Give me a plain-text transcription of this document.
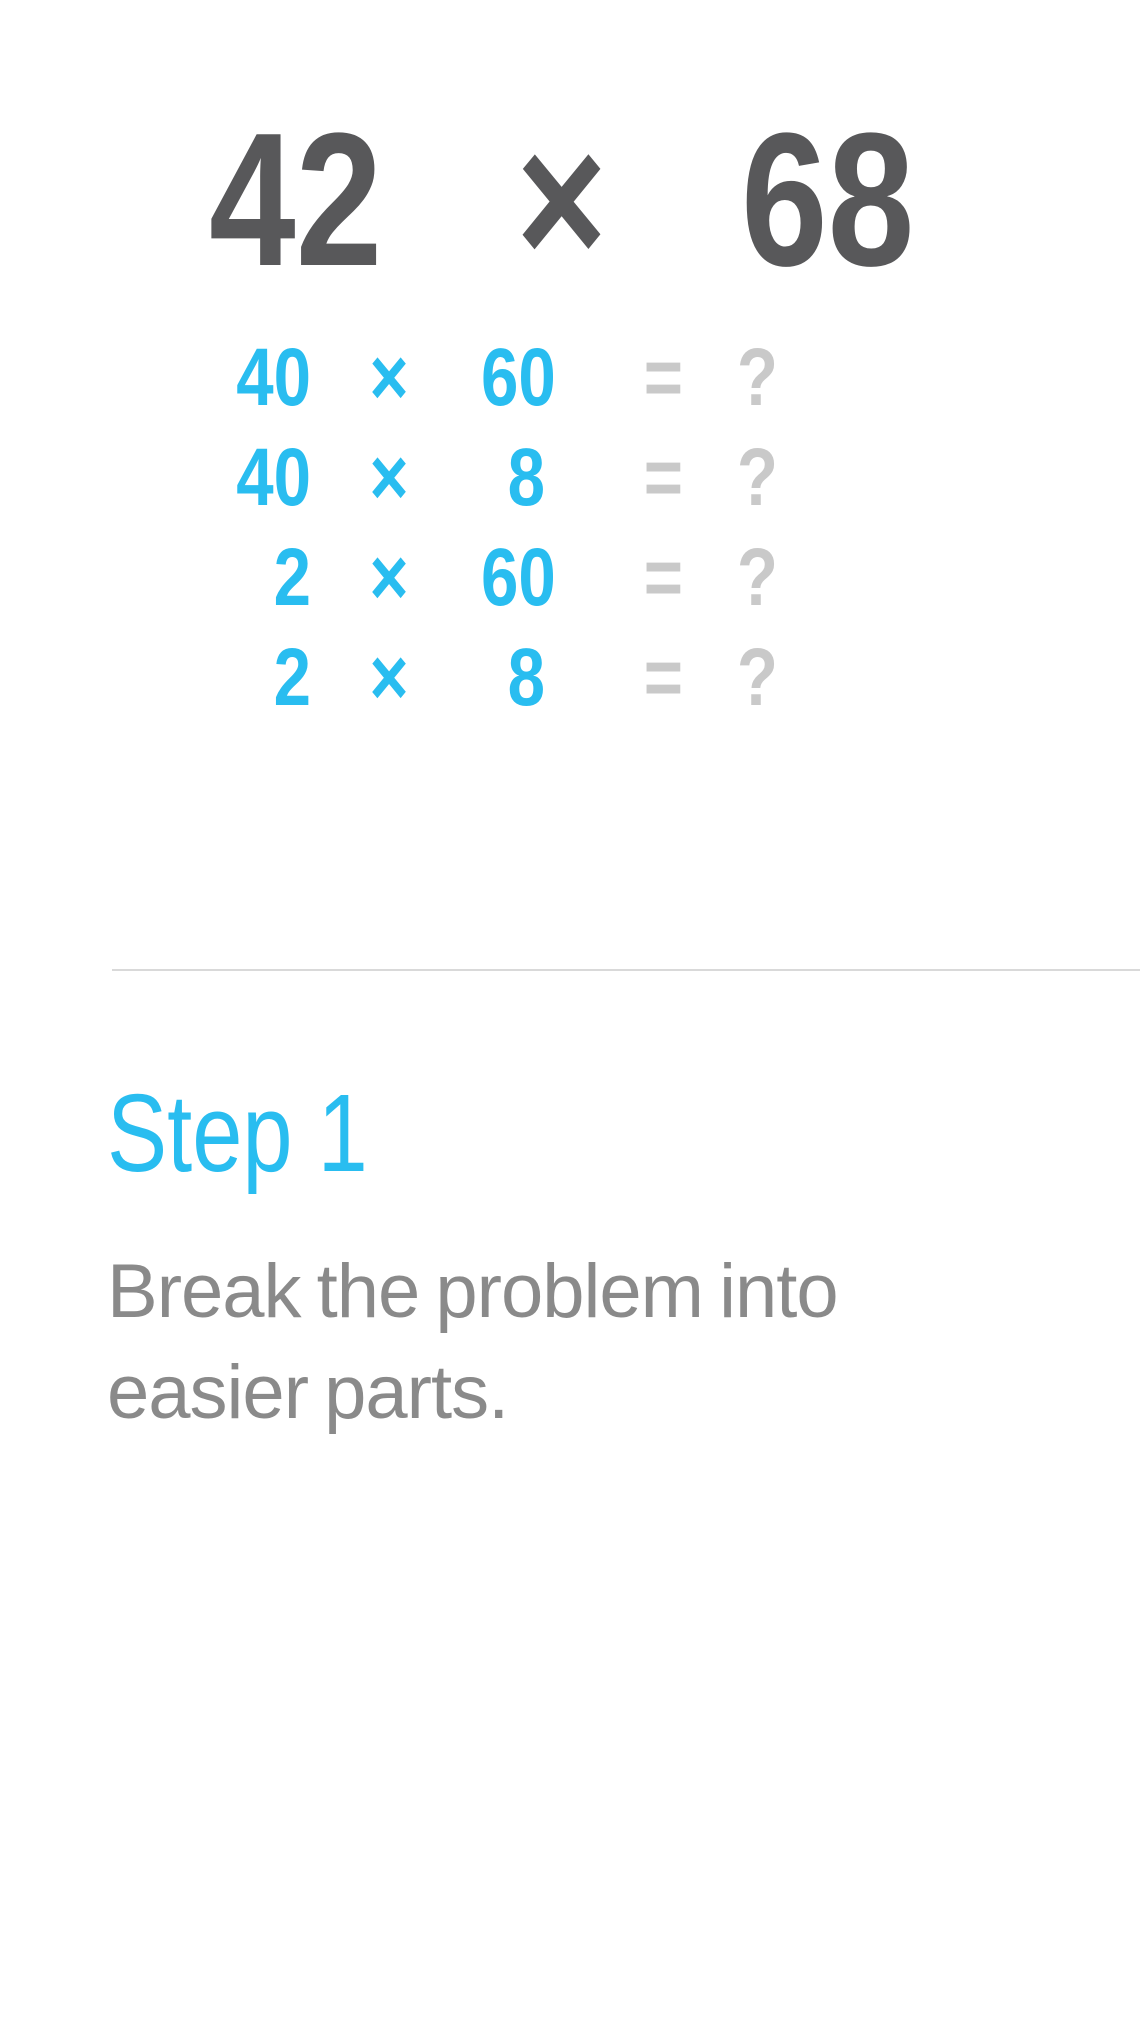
42 × 68
40 × 60	= ?
40 ×	8	= ?
2 × 60	= ?
2 ×	8	= ?
Step 1
Break the problem into easier parts.
